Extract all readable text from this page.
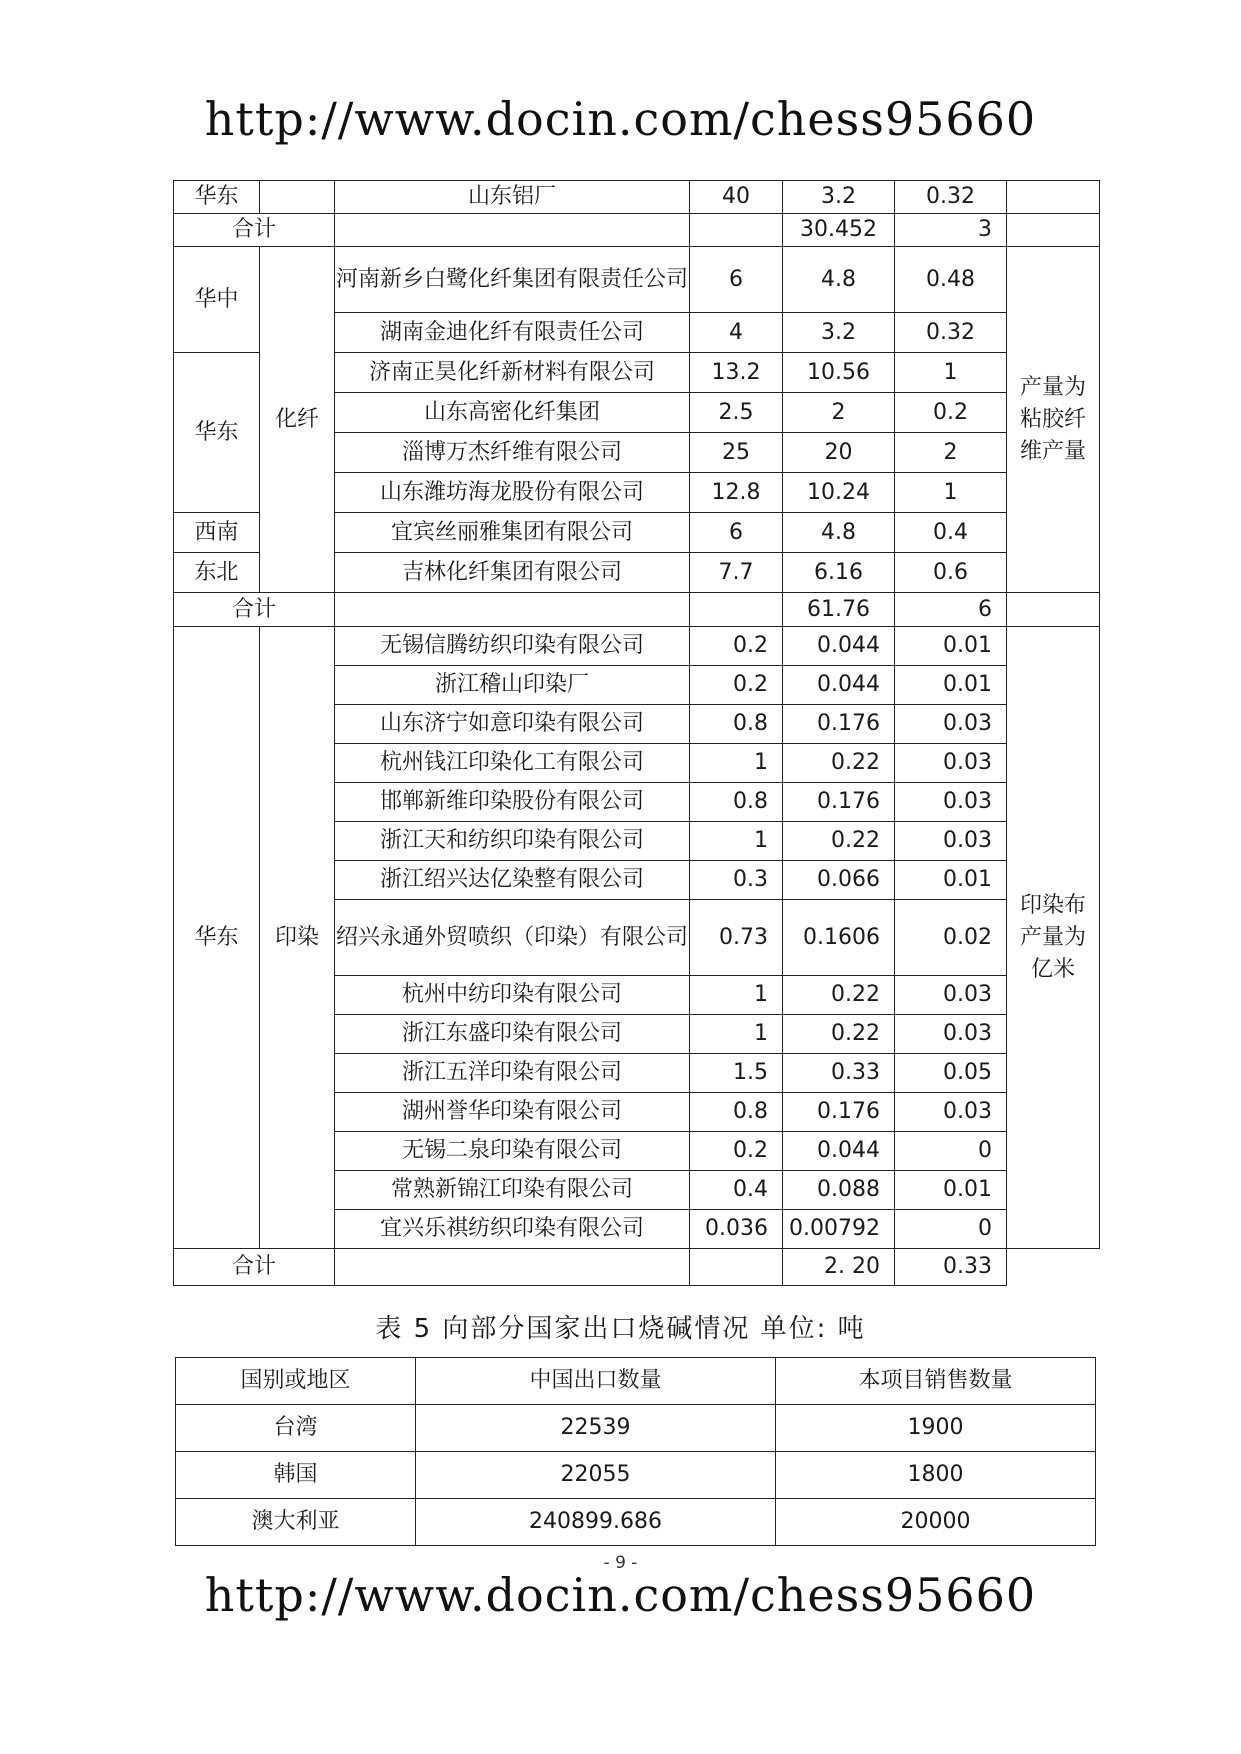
http://www.docin.com/chess95660
华东		山东铝厂	40	3.2	0.32	
合计				30.452	3	
华中	化纤	河南新乡白鹭化纤集团有限责任公司	6	4.8	0.48	产量为粘胶纤维产量
		湖南金迪化纤有限责任公司	4	3.2	0.32	
华东		济南正昊化纤新材料有限公司	13.2	10.56	1	
		山东高密化纤集团	2.5	2	0.2	
		淄博万杰纤维有限公司	25	20	2	
		山东潍坊海龙股份有限公司	12.8	10.24	1	
西南		宜宾丝丽雅集团有限公司	6	4.8	0.4	
东北		吉林化纤集团有限公司	7.7	6.16	0.6	
合计				61.76	6	
华东	印染	无锡信腾纺织印染有限公司	0.2	0.044	0.01	印染布产量为亿米
		浙江稽山印染厂	0.2	0.044	0.01	
		山东济宁如意印染有限公司	0.8	0.176	0.03	
		杭州钱江印染化工有限公司	1	0.22	0.03	
		邯郸新维印染股份有限公司	0.8	0.176	0.03	
		浙江天和纺织印染有限公司	1	0.22	0.03	
		浙江绍兴达亿染整有限公司	0.3	0.066	0.01	
		绍兴永通外贸喷织（印染）有限公司	0.73	0.1606	0.02	
		杭州中纺印染有限公司	1	0.22	0.03	
		浙江东盛印染有限公司	1	0.22	0.03	
		浙江五洋印染有限公司	1.5	0.33	0.05	
		湖州誉华印染有限公司	0.8	0.176	0.03	
		无锡二泉印染有限公司	0.2	0.044	0	
		常熟新锦江印染有限公司	0.4	0.088	0.01	
		宜兴乐祺纺织印染有限公司	0.036	0.00792	0	
合计				2. 20	0.33	
表 5 向部分国家出口烧碱情况 单位: 吨
国别或地区	中国出口数量	本项目销售数量
台湾	22539	1900
韩国	22055	1800
澳大利亚	240899.686	20000
- 9 -
http://www.docin.com/chess95660
